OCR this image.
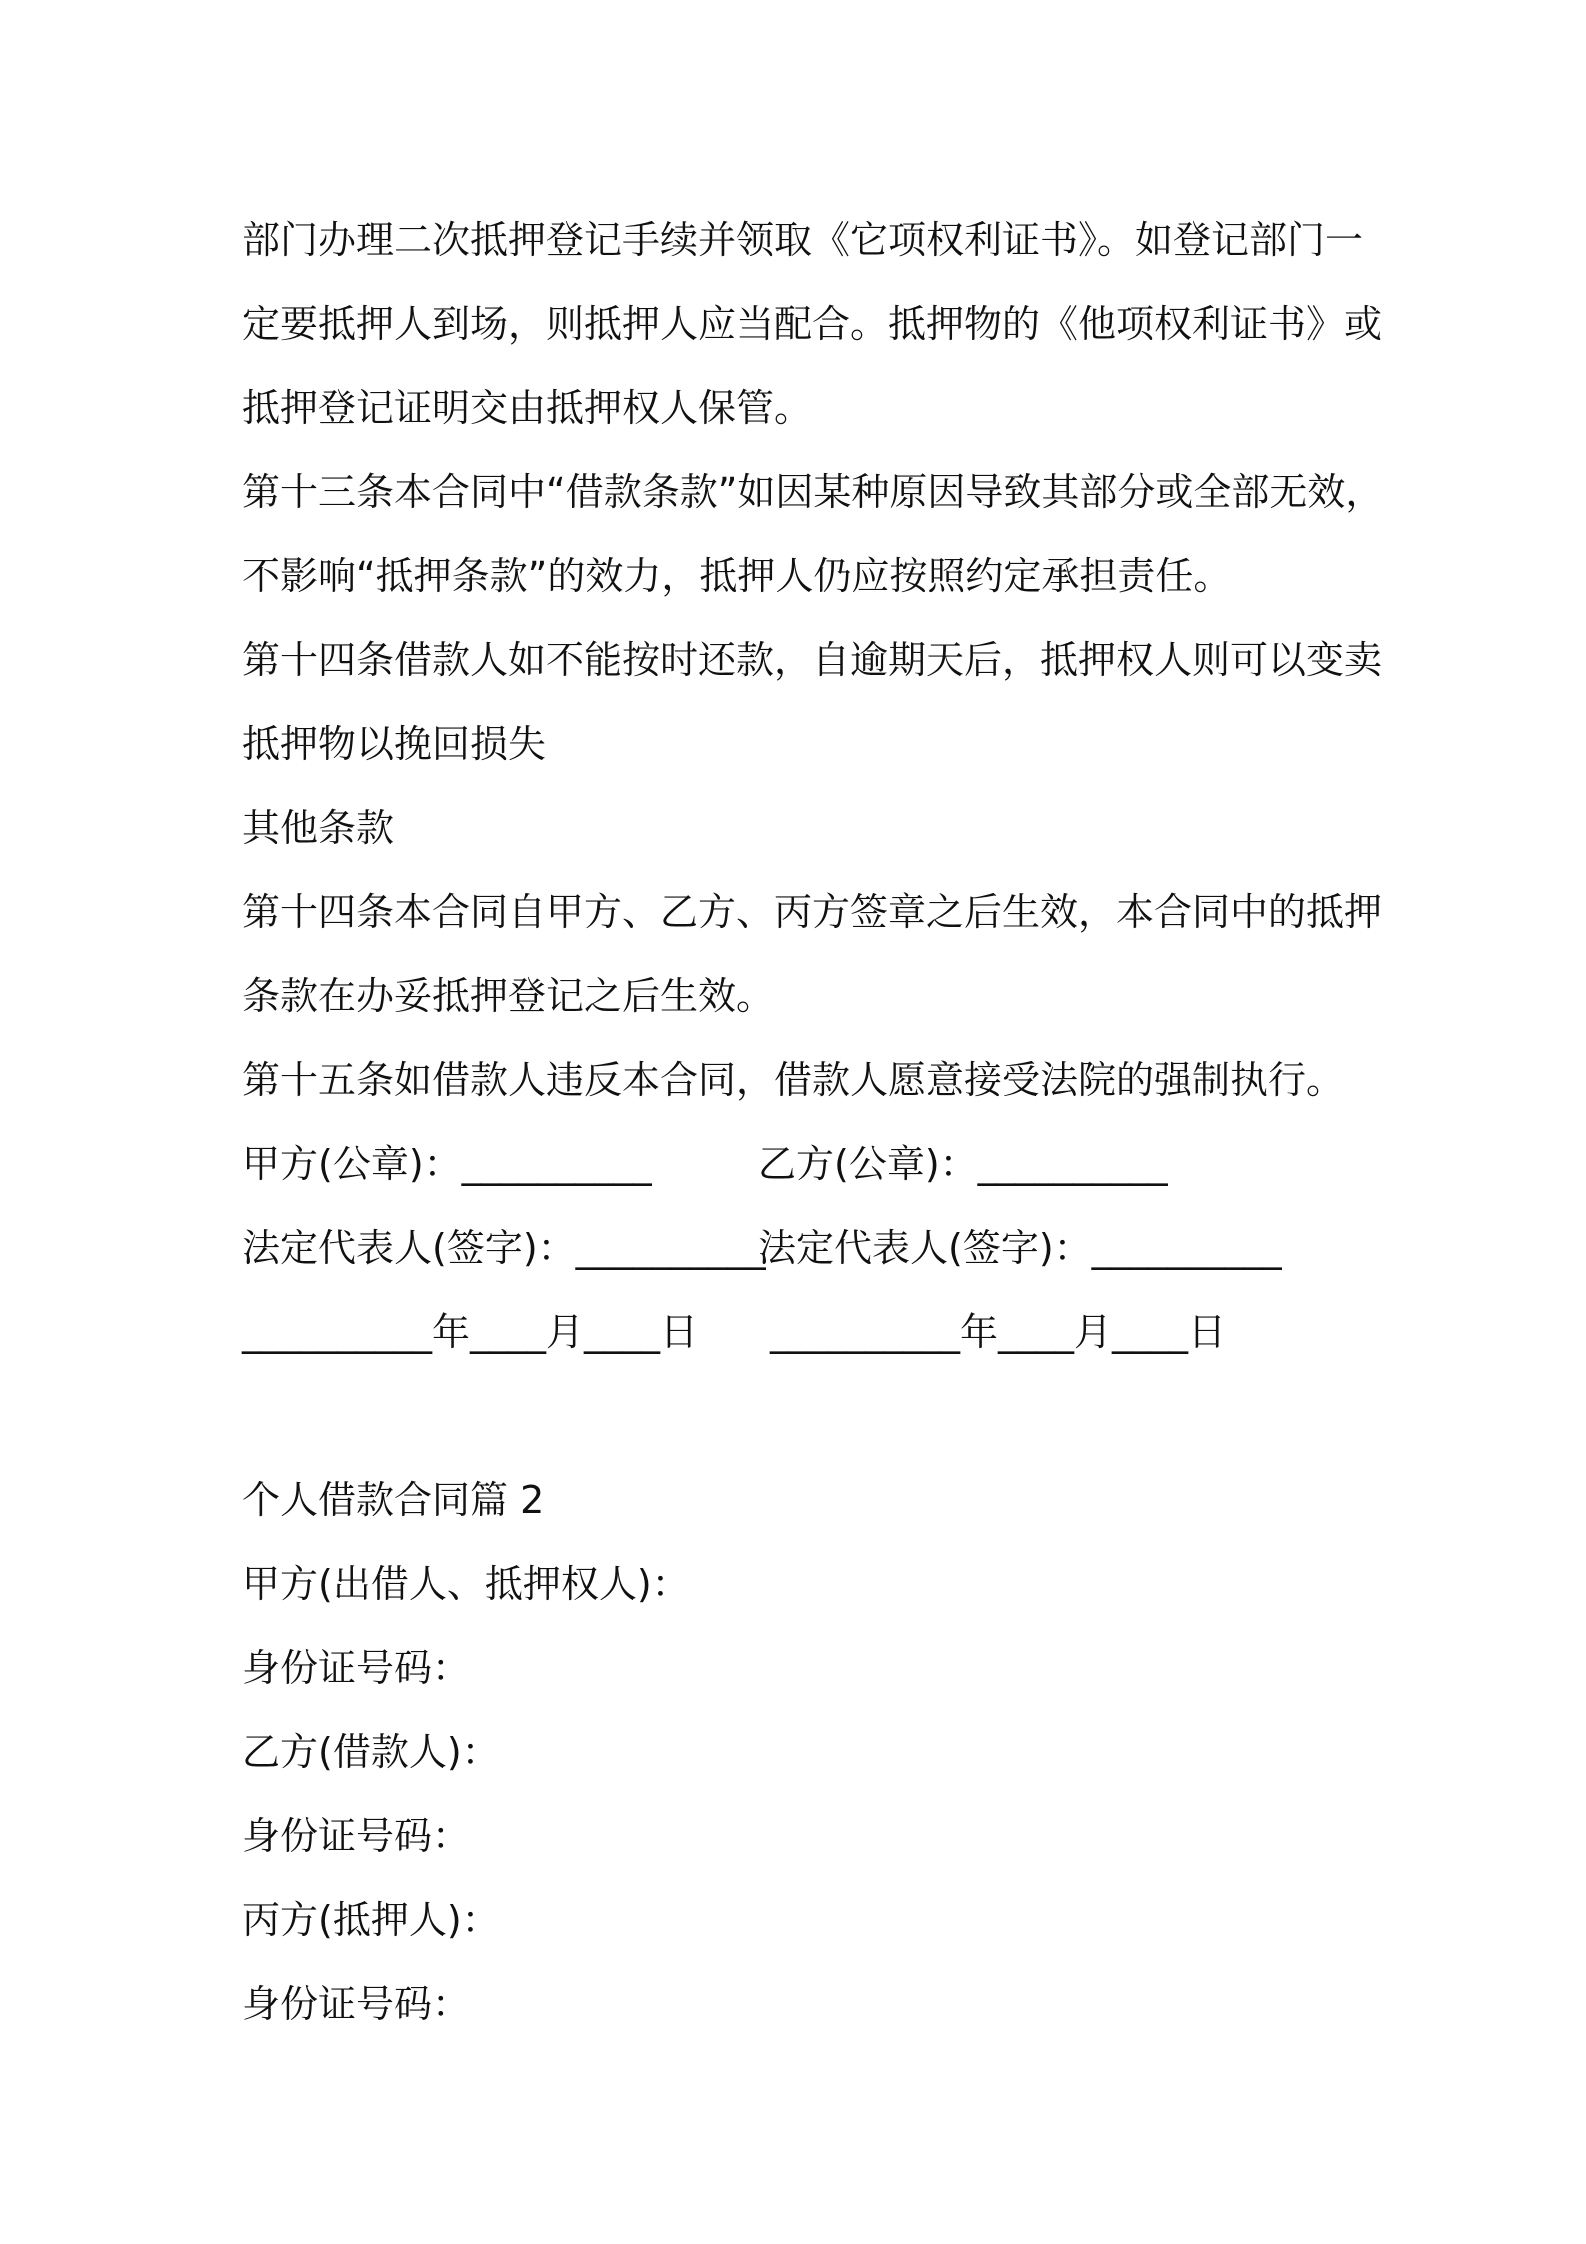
部门办理二次抵押登记手续并领取《它项权利证书》。如登记部门一
定要抵押人到场，则抵押人应当配合。抵押物的《他项权利证书》或
抵押登记证明交由抵押权人保管。
第十三条本合同中“借款条款”如因某种原因导致其部分或全部无效，
不影响“抵押条款”的效力，抵押人仍应按照约定承担责任。
第十四条借款人如不能按时还款，自逾期天后，抵押权人则可以变卖
抵押物以挽回损失
其他条款
第十四条本合同自甲方、乙方、丙方签章之后生效，本合同中的抵押
条款在办妥抵押登记之后生效。
第十五条如借款人违反本合同，借款人愿意接受法院的强制执行。
甲方(公章)：__________	乙方(公章)：__________
法定代表人(签字)：__________
法定代表人(签字)：__________
__________年____月____日 __________年____月____日
个人借款合同篇 2
甲方(出借人、抵押权人)：
身份证号码：
乙方(借款人)：
身份证号码：
丙方(抵押人)：
身份证号码：
